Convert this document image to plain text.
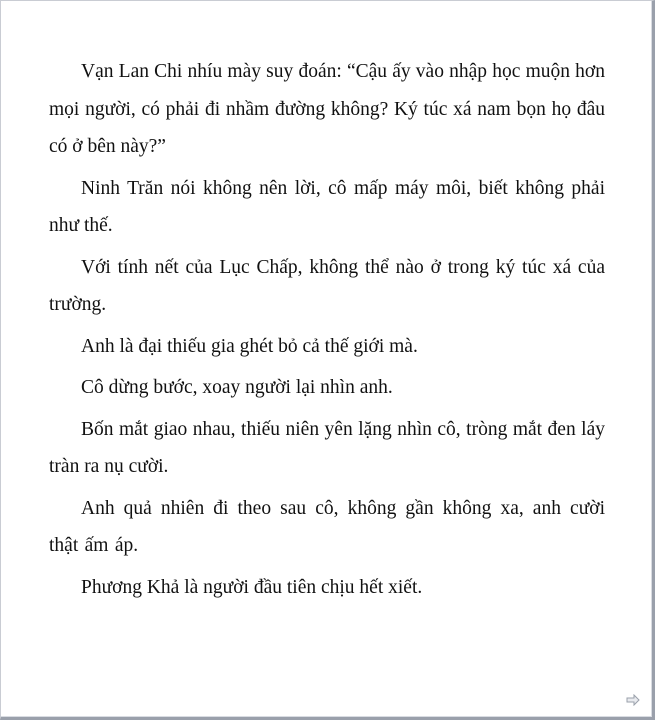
Vạn Lan Chi nhíu mày suy đoán: “Cậu ấy vào nhập học muộn hơn mọi người, có phải đi nhầm đường không? Ký túc xá nam bọn họ đâu có ở bên này?”

Ninh Trăn nói không nên lời, cô mấp máy môi, biết không phải như thế.

Với tính nết của Lục Chấp, không thể nào ở trong ký túc xá của trường.

Anh là đại thiếu gia ghét bỏ cả thế giới mà.

Cô dừng bước, xoay người lại nhìn anh.

Bốn mắt giao nhau, thiếu niên yên lặng nhìn cô, tròng mắt đen láy tràn ra nụ cười.

Anh quả nhiên đi theo sau cô, không gần không xa, anh cười thật ấm áp.

Phương Khả là người đầu tiên chịu hết xiết.
